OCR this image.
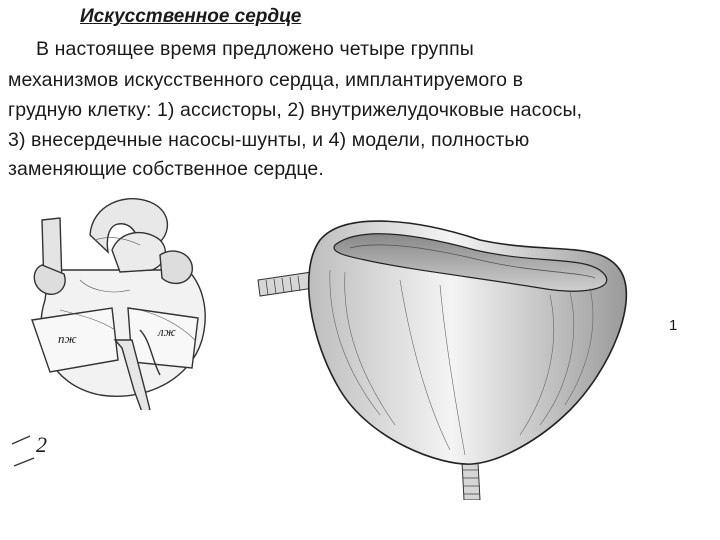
Искусственное сердце
В настоящее время предложено четыре группы
механизмов искусственного сердца, имплантируемого в
грудную клетку: 1) ассисторы, 2) внутрижелудочковые насосы,
3) внесердечные насосы-шунты, и 4) модели, полностью
заменяющие собственное сердце.
пж	лж
2
1
